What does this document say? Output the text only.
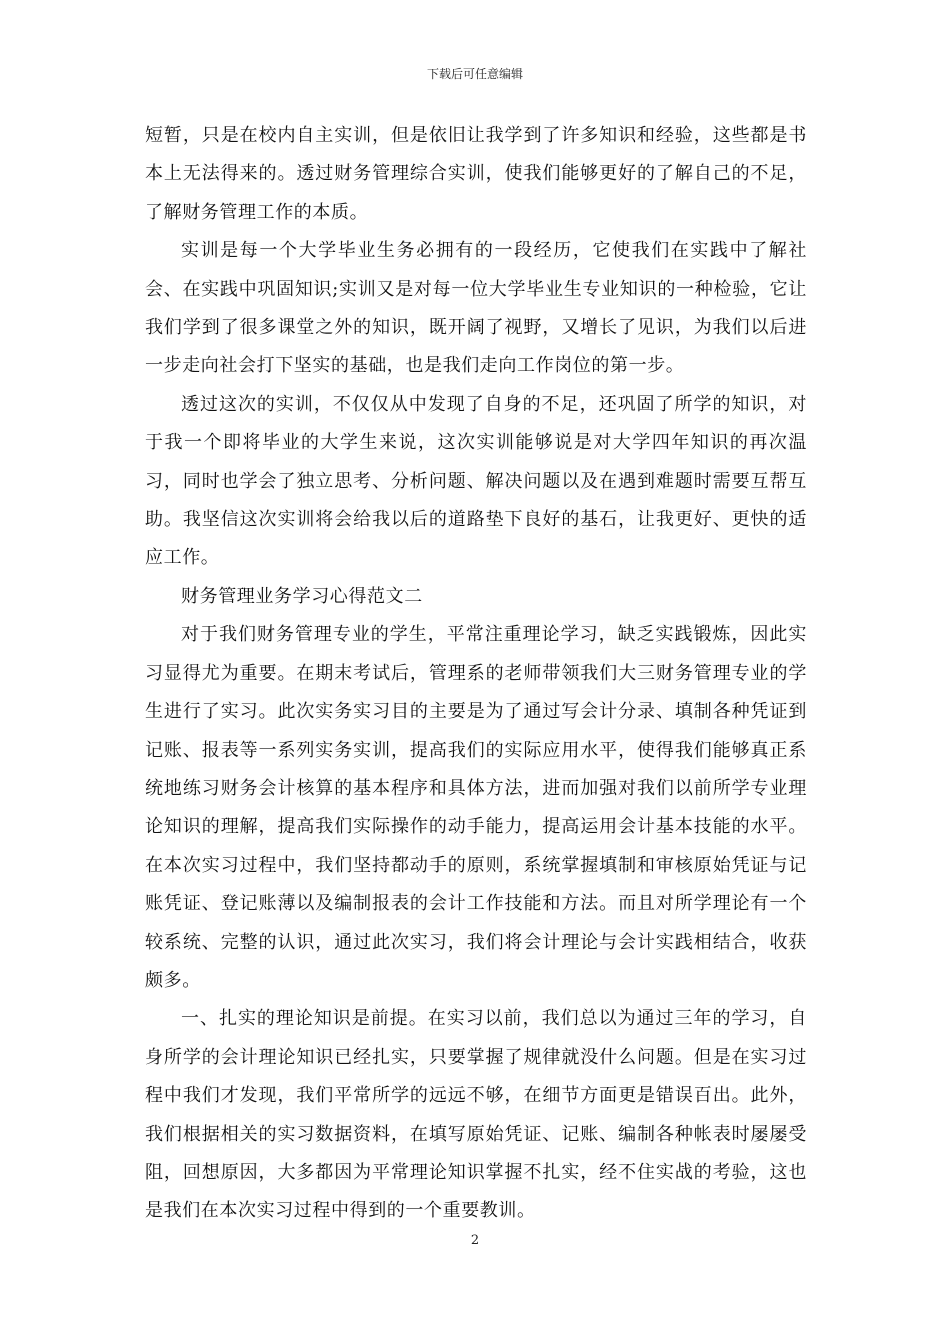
下载后可任意编辑

短暂，只是在校内自主实训，但是依旧让我学到了许多知识和经验，这些都是书本上无法得来的。透过财务管理综合实训，使我们能够更好的了解自己的不足，了解财务管理工作的本质。

实训是每一个大学毕业生务必拥有的一段经历，它使我们在实践中了解社会、在实践中巩固知识;实训又是对每一位大学毕业生专业知识的一种检验，它让我们学到了很多课堂之外的知识，既开阔了视野，又增长了见识，为我们以后进一步走向社会打下坚实的基础，也是我们走向工作岗位的第一步。

透过这次的实训，不仅仅从中发现了自身的不足，还巩固了所学的知识，对于我一个即将毕业的大学生来说，这次实训能够说是对大学四年知识的再次温习，同时也学会了独立思考、分析问题、解决问题以及在遇到难题时需要互帮互助。我坚信这次实训将会给我以后的道路垫下良好的基石，让我更好、更快的适应工作。

财务管理业务学习心得范文二

对于我们财务管理专业的学生，平常注重理论学习，缺乏实践锻炼，因此实习显得尤为重要。在期末考试后，管理系的老师带领我们大三财务管理专业的学生进行了实习。此次实务实习目的主要是为了通过写会计分录、填制各种凭证到记账、报表等一系列实务实训，提高我们的实际应用水平，使得我们能够真正系统地练习财务会计核算的基本程序和具体方法，进而加强对我们以前所学专业理论知识的理解，提高我们实际操作的动手能力，提高运用会计基本技能的水平。在本次实习过程中，我们坚持都动手的原则，系统掌握填制和审核原始凭证与记账凭证、登记账薄以及编制报表的会计工作技能和方法。而且对所学理论有一个较系统、完整的认识，通过此次实习，我们将会计理论与会计实践相结合，收获颇多。

一、扎实的理论知识是前提。在实习以前，我们总以为通过三年的学习，自身所学的会计理论知识已经扎实，只要掌握了规律就没什么问题。但是在实习过程中我们才发现，我们平常所学的远远不够，在细节方面更是错误百出。此外，我们根据相关的实习数据资料，在填写原始凭证、记账、编制各种帐表时屡屡受阻，回想原因，大多都因为平常理论知识掌握不扎实，经不住实战的考验，这也是我们在本次实习过程中得到的一个重要教训。

2
